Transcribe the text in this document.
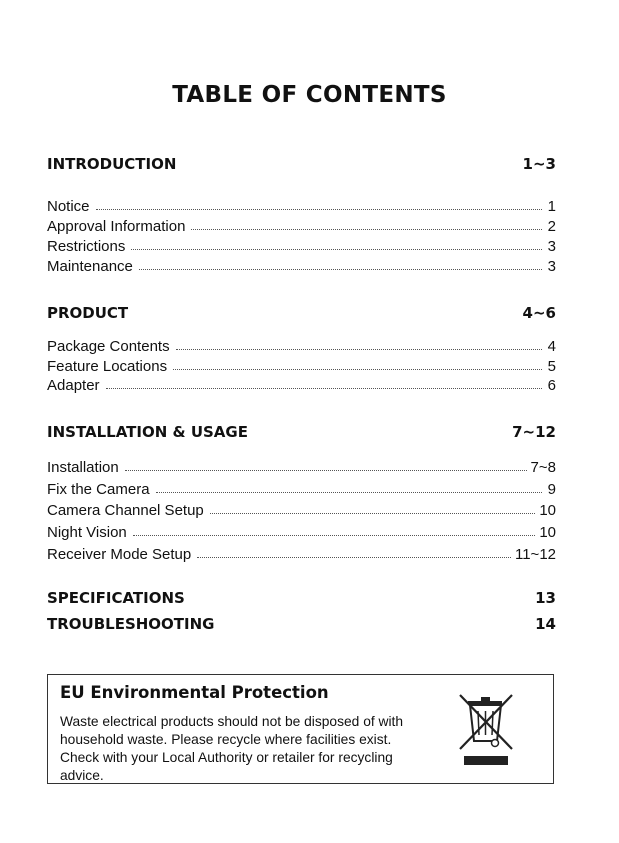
TABLE OF CONTENTS
INTRODUCTION	1~3
Notice	1
Approval Information	2
Restrictions	3
Maintenance	3
PRODUCT	4~6
Package Contents	4
Feature Locations	5
Adapter	6
INSTALLATION & USAGE	7~12
Installation	7~8
Fix the Camera	9
Camera Channel Setup	10
Night Vision	10
Receiver Mode Setup	11~12
SPECIFICATIONS	13
TROUBLESHOOTING	14
EU Environmental Protection
Waste electrical products should not be disposed of with household waste. Please recycle where facilities exist. Check with your Local Authority or retailer for recycling advice.
